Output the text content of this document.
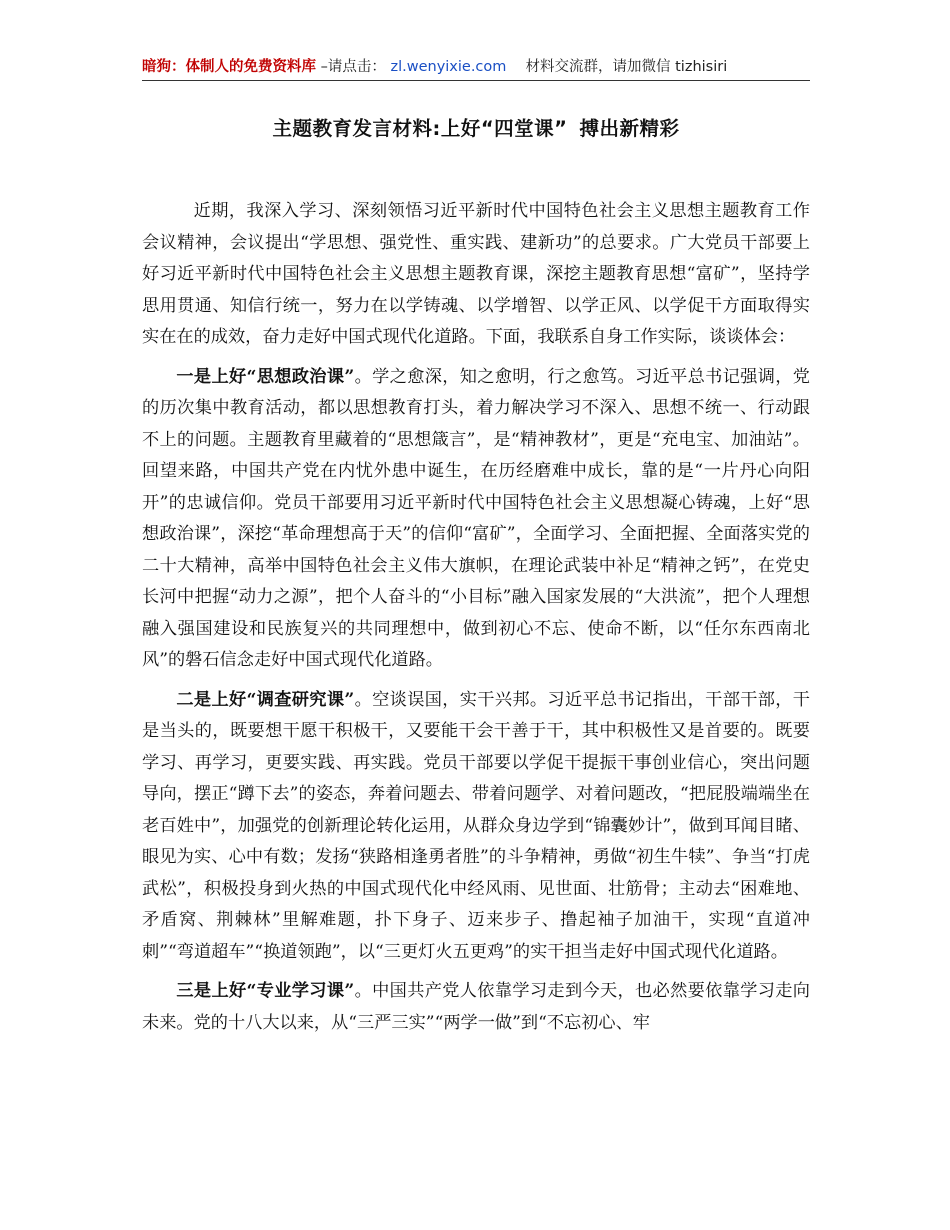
暗狗：体制人的免费资料库 –请点击： zl.wenyixie.com   材料交流群，请加微信 tizhisiri
主题教育发言材料:上好“四堂课” 搏出新精彩

近期，我深入学习、深刻领悟习近平新时代中国特色社会主义思想主题教育工作会议精神，会议提出“学思想、强党性、重实践、建新功”的总要求。广大党员干部要上好习近平新时代中国特色社会主义思想主题教育课，深挖主题教育思想“富矿”，坚持学思用贯通、知信行统一，努力在以学铸魂、以学增智、以学正风、以学促干方面取得实实在在的成效，奋力走好中国式现代化道路。下面，我联系自身工作实际，谈谈体会：

一是上好“思想政治课”。学之愈深，知之愈明，行之愈笃。习近平总书记强调，党的历次集中教育活动，都以思想教育打头，着力解决学习不深入、思想不统一、行动跟不上的问题。主题教育里藏着的“思想箴言”，是“精神教材”，更是“充电宝、加油站”。回望来路，中国共产党在内忧外患中诞生，在历经磨难中成长，靠的是“一片丹心向阳开”的忠诚信仰。党员干部要用习近平新时代中国特色社会主义思想凝心铸魂，上好“思想政治课”，深挖“革命理想高于天”的信仰“富矿”，全面学习、全面把握、全面落实党的二十大精神，高举中国特色社会主义伟大旗帜，在理论武装中补足“精神之钙”，在党史长河中把握“动力之源”，把个人奋斗的“小目标”融入国家发展的“大洪流”，把个人理想融入强国建设和民族复兴的共同理想中，做到初心不忘、使命不断，以“任尔东西南北风”的磐石信念走好中国式现代化道路。

二是上好“调查研究课”。空谈误国，实干兴邦。习近平总书记指出，干部干部，干是当头的，既要想干愿干积极干，又要能干会干善于干，其中积极性又是首要的。既要学习、再学习，更要实践、再实践。党员干部要以学促干提振干事创业信心，突出问题导向，摆正“蹲下去”的姿态，奔着问题去、带着问题学、对着问题改，“把屁股端端坐在老百姓中”，加强党的创新理论转化运用，从群众身边学到“锦囊妙计”，做到耳闻目睹、眼见为实、心中有数；发扬“狭路相逢勇者胜”的斗争精神，勇做“初生牛犊”、争当“打虎武松”，积极投身到火热的中国式现代化中经风雨、见世面、壮筋骨；主动去“困难地、矛盾窝、荆棘林”里解难题，扑下身子、迈来步子、撸起袖子加油干，实现“直道冲刺”“弯道超车”“换道领跑”，以“三更灯火五更鸡”的实干担当走好中国式现代化道路。

三是上好“专业学习课”。中国共产党人依靠学习走到今天，也必然要依靠学习走向未来。党的十八大以来，从“三严三实”“两学一做”到“不忘初心、牢
